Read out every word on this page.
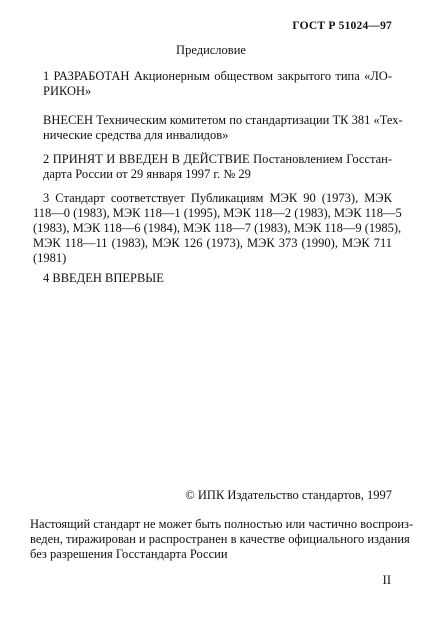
ГОСТ Р 51024—97
Предисловие
1 РАЗРАБОТАН Акционерным обществом закрытого типа «ЛО-
РИКОН»
ВНЕСЕН Техническим комитетом по стандартизации ТК 381 «Тех-
нические средства для инвалидов»
2 ПРИНЯТ И ВВЕДЕН В ДЕЙСТВИЕ Постановлением Госстан-
дарта России от 29 января 1997 г. № 29
3 Стандарт соответствует Публикациям МЭК 90 (1973), МЭК
118—0 (1983), МЭК 118—1 (1995), МЭК 118—2 (1983), МЭК 118—5
(1983), МЭК 118—6 (1984), МЭК 118—7 (1983), МЭК 118—9 (1985),
МЭК 118—11 (1983), МЭК 126 (1973), МЭК 373 (1990), МЭК 711
(1981)
4 ВВЕДЕН ВПЕРВЫЕ
© ИПК Издательство стандартов, 1997
Настоящий стандарт не может быть полностью или частично воспроиз-
веден, тиражирован и распространен в качестве официального издания
без разрешения Госстандарта России
II
